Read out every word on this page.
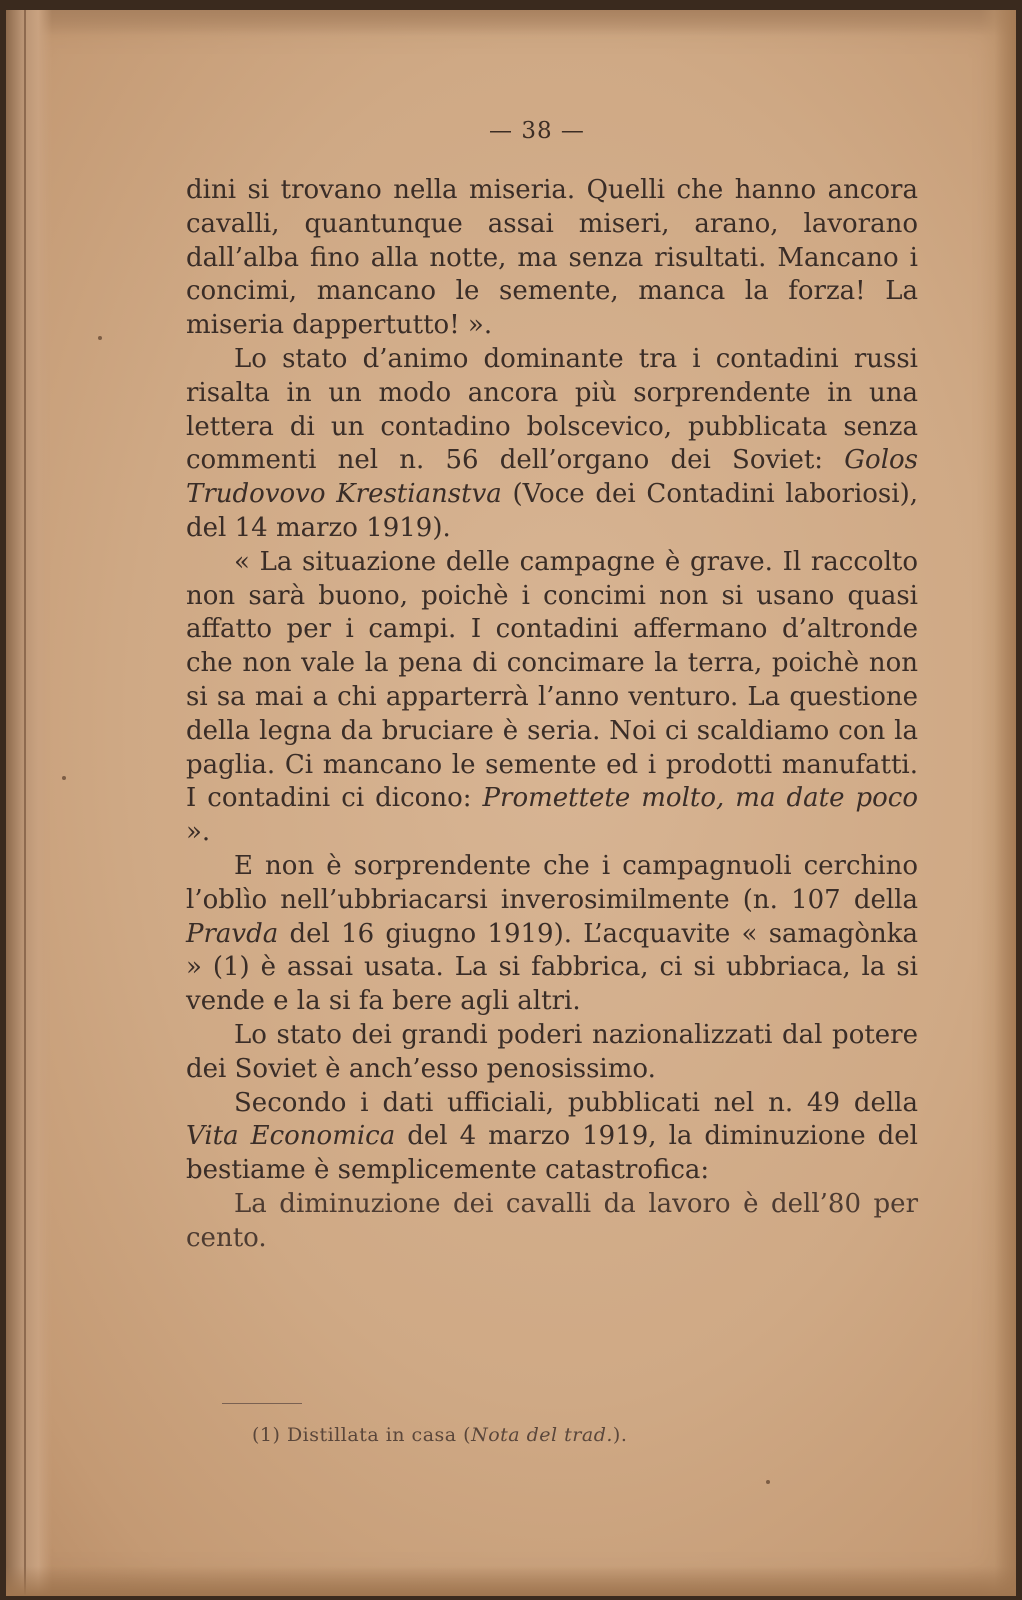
— 38 —

dini si trovano nella miseria. Quelli che hanno ancora cavalli, quantunque assai miseri, arano, lavorano dall’alba fino alla notte, ma senza risultati. Mancano i concimi, mancano le semente, manca la forza! La miseria dappertutto! ».

Lo stato d’animo dominante tra i contadini russi risalta in un modo ancora più sorprendente in una lettera di un contadino bolscevico, pubblicata senza commenti nel n. 56 dell’organo dei Soviet: Golos Trudovovo Krestianstva (Voce dei Contadini laboriosi), del 14 marzo 1919).

« La situazione delle campagne è grave. Il raccolto non sarà buono, poichè i concimi non si usano quasi affatto per i campi. I contadini affermano d’altronde che non vale la pena di concimare la terra, poichè non si sa mai a chi apparterrà l’anno venturo. La questione della legna da bruciare è seria. Noi ci scaldiamo con la paglia. Ci mancano le semente ed i prodotti manufatti. I contadini ci dicono: Promettete molto, ma date poco ».

E non è sorprendente che i campagnuoli cerchino l’oblìo nell’ubbriacarsi inverosimilmente (n. 107 della Pravda del 16 giugno 1919). L’acquavite « samagònka » (1) è assai usata. La si fabbrica, ci si ubbriaca, la si vende e la si fa bere agli altri.

Lo stato dei grandi poderi nazionalizzati dal potere dei Soviet è anch’esso penosissimo.

Secondo i dati ufficiali, pubblicati nel n. 49 della Vita Economica del 4 marzo 1919, la diminuzione del bestiame è semplicemente catastrofica:

La diminuzione dei cavalli da lavoro è dell’80 per cento.

(1) Distillata in casa (Nota del trad.).
